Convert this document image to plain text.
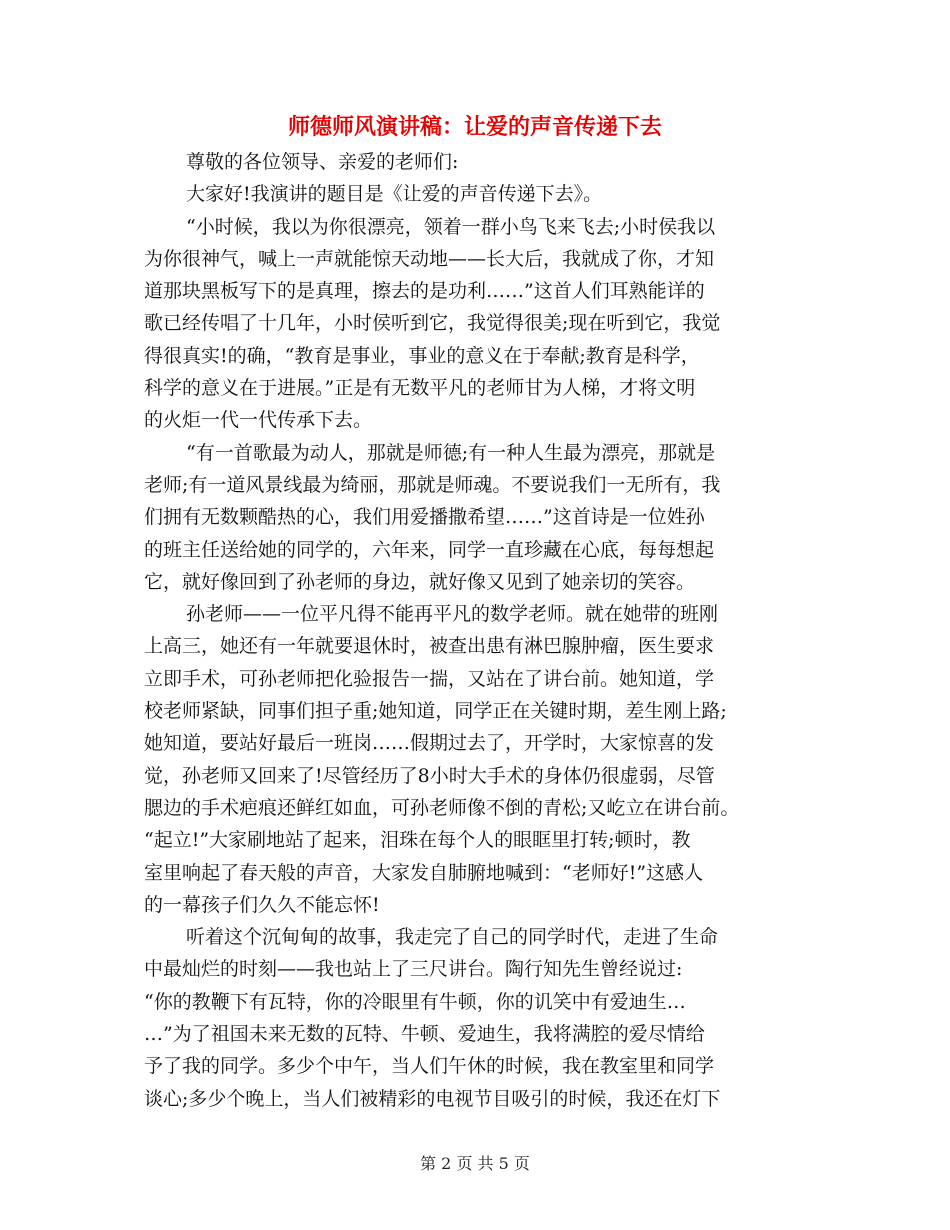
师德师风演讲稿：让爱的声音传递下去

尊敬的各位领导、亲爱的老师们:

大家好!我演讲的题目是《让爱的声音传递下去》。

“小时候，我以为你很漂亮，领着一群小鸟飞来飞去;小时侯我以

为你很神气，喊上一声就能惊天动地——长大后，我就成了你，才知

道那块黑板写下的是真理，擦去的是功利……”这首人们耳熟能详的

歌已经传唱了十几年，小时侯听到它，我觉得很美;现在听到它，我觉

得很真实!的确，“教育是事业，事业的意义在于奉献;教育是科学，

科学的意义在于进展。”正是有无数平凡的老师甘为人梯，才将文明

的火炬一代一代传承下去。

“有一首歌最为动人，那就是师德;有一种人生最为漂亮，那就是

老师;有一道风景线最为绮丽，那就是师魂。不要说我们一无所有，我

们拥有无数颗酷热的心，我们用爱播撒希望……”这首诗是一位姓孙

的班主任送给她的同学的，六年来，同学一直珍藏在心底，每每想起

它，就好像回到了孙老师的身边，就好像又见到了她亲切的笑容。

孙老师——一位平凡得不能再平凡的数学老师。就在她带的班刚

上高三，她还有一年就要退休时，被查出患有淋巴腺肿瘤，医生要求

立即手术，可孙老师把化验报告一揣，又站在了讲台前。她知道，学

校老师紧缺，同事们担子重;她知道，同学正在关键时期，差生刚上路;

她知道，要站好最后一班岗……假期过去了，开学时，大家惊喜的发

觉，孙老师又回来了!尽管经历了8小时大手术的身体仍很虚弱，尽管

腮边的手术疤痕还鲜红如血，可孙老师像不倒的青松;又屹立在讲台前。

“起立!”大家刷地站了起来，泪珠在每个人的眼眶里打转;顿时，教

室里响起了春天般的声音，大家发自肺腑地喊到：“老师好!”这感人

的一幕孩子们久久不能忘怀!

听着这个沉甸甸的故事，我走完了自己的同学时代，走进了生命

中最灿烂的时刻——我也站上了三尺讲台。陶行知先生曾经说过:

“你的教鞭下有瓦特，你的冷眼里有牛顿，你的讥笑中有爱迪生…

…”为了祖国未来无数的瓦特、牛顿、爱迪生，我将满腔的爱尽情给

予了我的同学。多少个中午，当人们午休的时候，我在教室里和同学

谈心;多少个晚上，当人们被精彩的电视节目吸引的时候，我还在灯下

第 2 页 共 5 页
